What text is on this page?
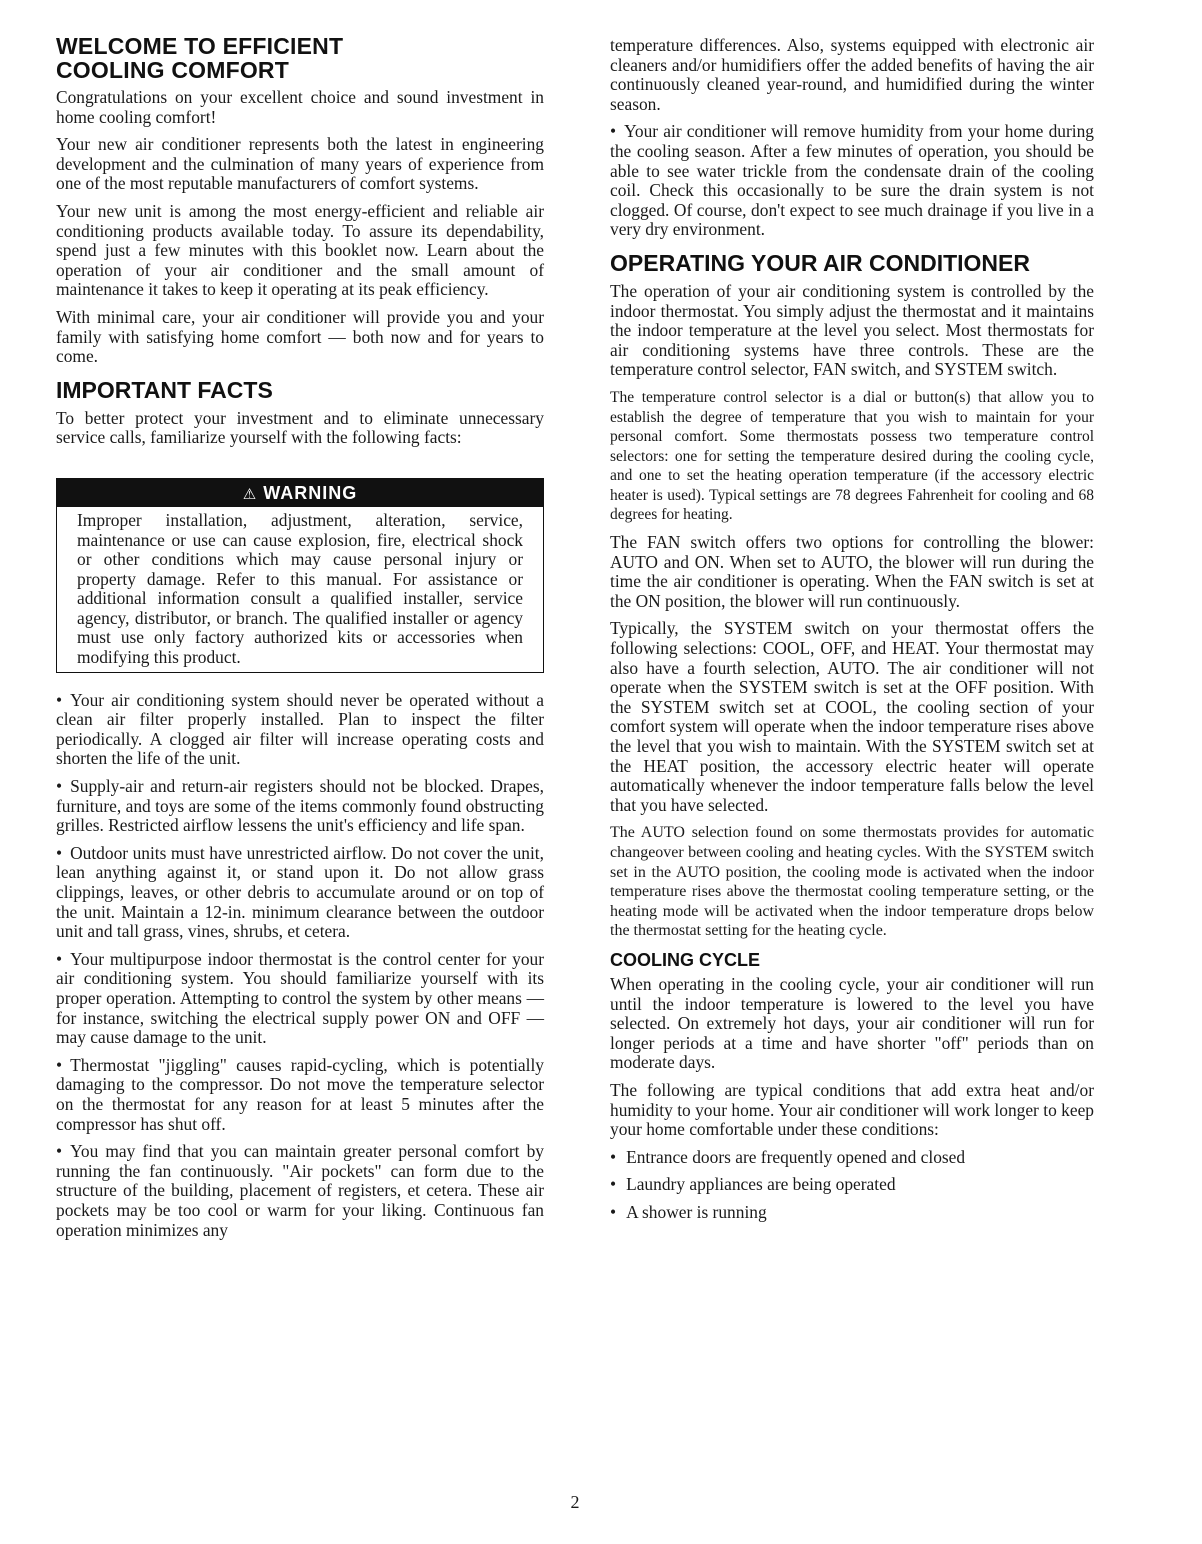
WELCOME TO EFFICIENT
COOLING COMFORT

Congratulations on your excellent choice and sound investment in home cooling comfort!

Your new air conditioner represents both the latest in engineering development and the culmination of many years of experience from one of the most reputable manufacturers of comfort systems.

Your new unit is among the most energy-efficient and reliable air conditioning products available today. To assure its dependability, spend just a few minutes with this booklet now. Learn about the operation of your air conditioner and the small amount of maintenance it takes to keep it operating at its peak efficiency.

With minimal care, your air conditioner will provide you and your family with satisfying home comfort — both now and for years to come.

IMPORTANT FACTS

To better protect your investment and to eliminate unnecessary service calls, familiarize yourself with the following facts:

⚠ WARNING

Improper installation, adjustment, alteration, service, maintenance or use can cause explosion, fire, electrical shock or other conditions which may cause personal injury or property damage. Refer to this manual. For assistance or additional information consult a qualified installer, service agency, distributor, or branch. The qualified installer or agency must use only factory authorized kits or accessories when modifying this product.

• Your air conditioning system should never be operated without a clean air filter properly installed. Plan to inspect the filter periodically. A clogged air filter will increase operating costs and shorten the life of the unit.

• Supply-air and return-air registers should not be blocked. Drapes, furniture, and toys are some of the items commonly found obstructing grilles. Restricted airflow lessens the unit's efficiency and life span.

• Outdoor units must have unrestricted airflow. Do not cover the unit, lean anything against it, or stand upon it. Do not allow grass clippings, leaves, or other debris to accumulate around or on top of the unit. Maintain a 12-in. minimum clearance between the outdoor unit and tall grass, vines, shrubs, et cetera.

• Your multipurpose indoor thermostat is the control center for your air conditioning system. You should familiarize yourself with its proper operation. Attempting to control the system by other means — for instance, switching the electrical supply power ON and OFF — may cause damage to the unit.

• Thermostat "jiggling" causes rapid-cycling, which is potentially damaging to the compressor. Do not move the temperature selector on the thermostat for any reason for at least 5 minutes after the compressor has shut off.

• You may find that you can maintain greater personal comfort by running the fan continuously. "Air pockets" can form due to the structure of the building, placement of registers, et cetera. These air pockets may be too cool or warm for your liking. Continuous fan operation minimizes any

temperature differences. Also, systems equipped with electronic air cleaners and/or humidifiers offer the added benefits of having the air continuously cleaned year-round, and humidified during the winter season.

• Your air conditioner will remove humidity from your home during the cooling season. After a few minutes of operation, you should be able to see water trickle from the condensate drain of the cooling coil. Check this occasionally to be sure the drain system is not clogged. Of course, don't expect to see much drainage if you live in a very dry environment.

OPERATING YOUR AIR CONDITIONER

The operation of your air conditioning system is controlled by the indoor thermostat. You simply adjust the thermostat and it maintains the indoor temperature at the level you select. Most thermostats for air conditioning systems have three controls. These are the temperature control selector, FAN switch, and SYSTEM switch.

The temperature control selector is a dial or button(s) that allow you to establish the degree of temperature that you wish to maintain for your personal comfort. Some thermostats possess two temperature control selectors: one for setting the temperature desired during the cooling cycle, and one to set the heating operation temperature (if the accessory electric heater is used). Typical settings are 78 degrees Fahrenheit for cooling and 68 degrees for heating.

The FAN switch offers two options for controlling the blower: AUTO and ON. When set to AUTO, the blower will run during the time the air conditioner is operating. When the FAN switch is set at the ON position, the blower will run continuously.

Typically, the SYSTEM switch on your thermostat offers the following selections: COOL, OFF, and HEAT. Your thermostat may also have a fourth selection, AUTO. The air conditioner will not operate when the SYSTEM switch is set at the OFF position. With the SYSTEM switch set at COOL, the cooling section of your comfort system will operate when the indoor temperature rises above the level that you wish to maintain. With the SYSTEM switch set at the HEAT position, the accessory electric heater will operate automatically whenever the indoor temperature falls below the level that you have selected.

The AUTO selection found on some thermostats provides for automatic changeover between cooling and heating cycles. With the SYSTEM switch set in the AUTO position, the cooling mode is activated when the indoor temperature rises above the thermostat cooling temperature setting, or the heating mode will be activated when the indoor temperature drops below the thermostat setting for the heating cycle.

COOLING CYCLE

When operating in the cooling cycle, your air conditioner will run until the indoor temperature is lowered to the level you have selected. On extremely hot days, your air conditioner will run for longer periods at a time and have shorter "off" periods than on moderate days.

The following are typical conditions that add extra heat and/or humidity to your home. Your air conditioner will work longer to keep your home comfortable under these conditions:

• Entrance doors are frequently opened and closed
• Laundry appliances are being operated
• A shower is running
2
